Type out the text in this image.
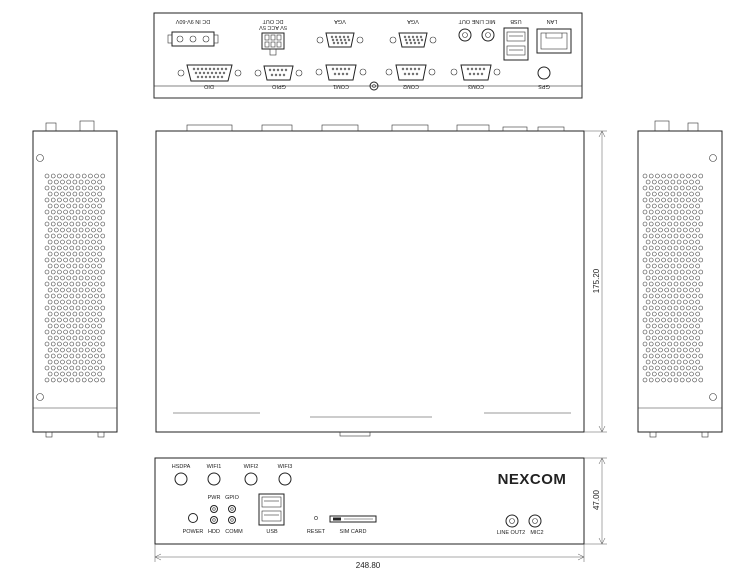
DC IN 9V-60V	DC OUT
5V ACC 5V
VGA	VGA	MIC LINE OUT	USB	LAN
DIO	GPIO	COM1	COM2	COM3	GPS
175.20
HSDPA	WIFI1	WIFI2	WIFI3
POWER
PWR GPIO
HDD COMM	USB	RESET	SIM CARD
NEXCOM
LINE OUT2 MIC2
47.00
248.80
